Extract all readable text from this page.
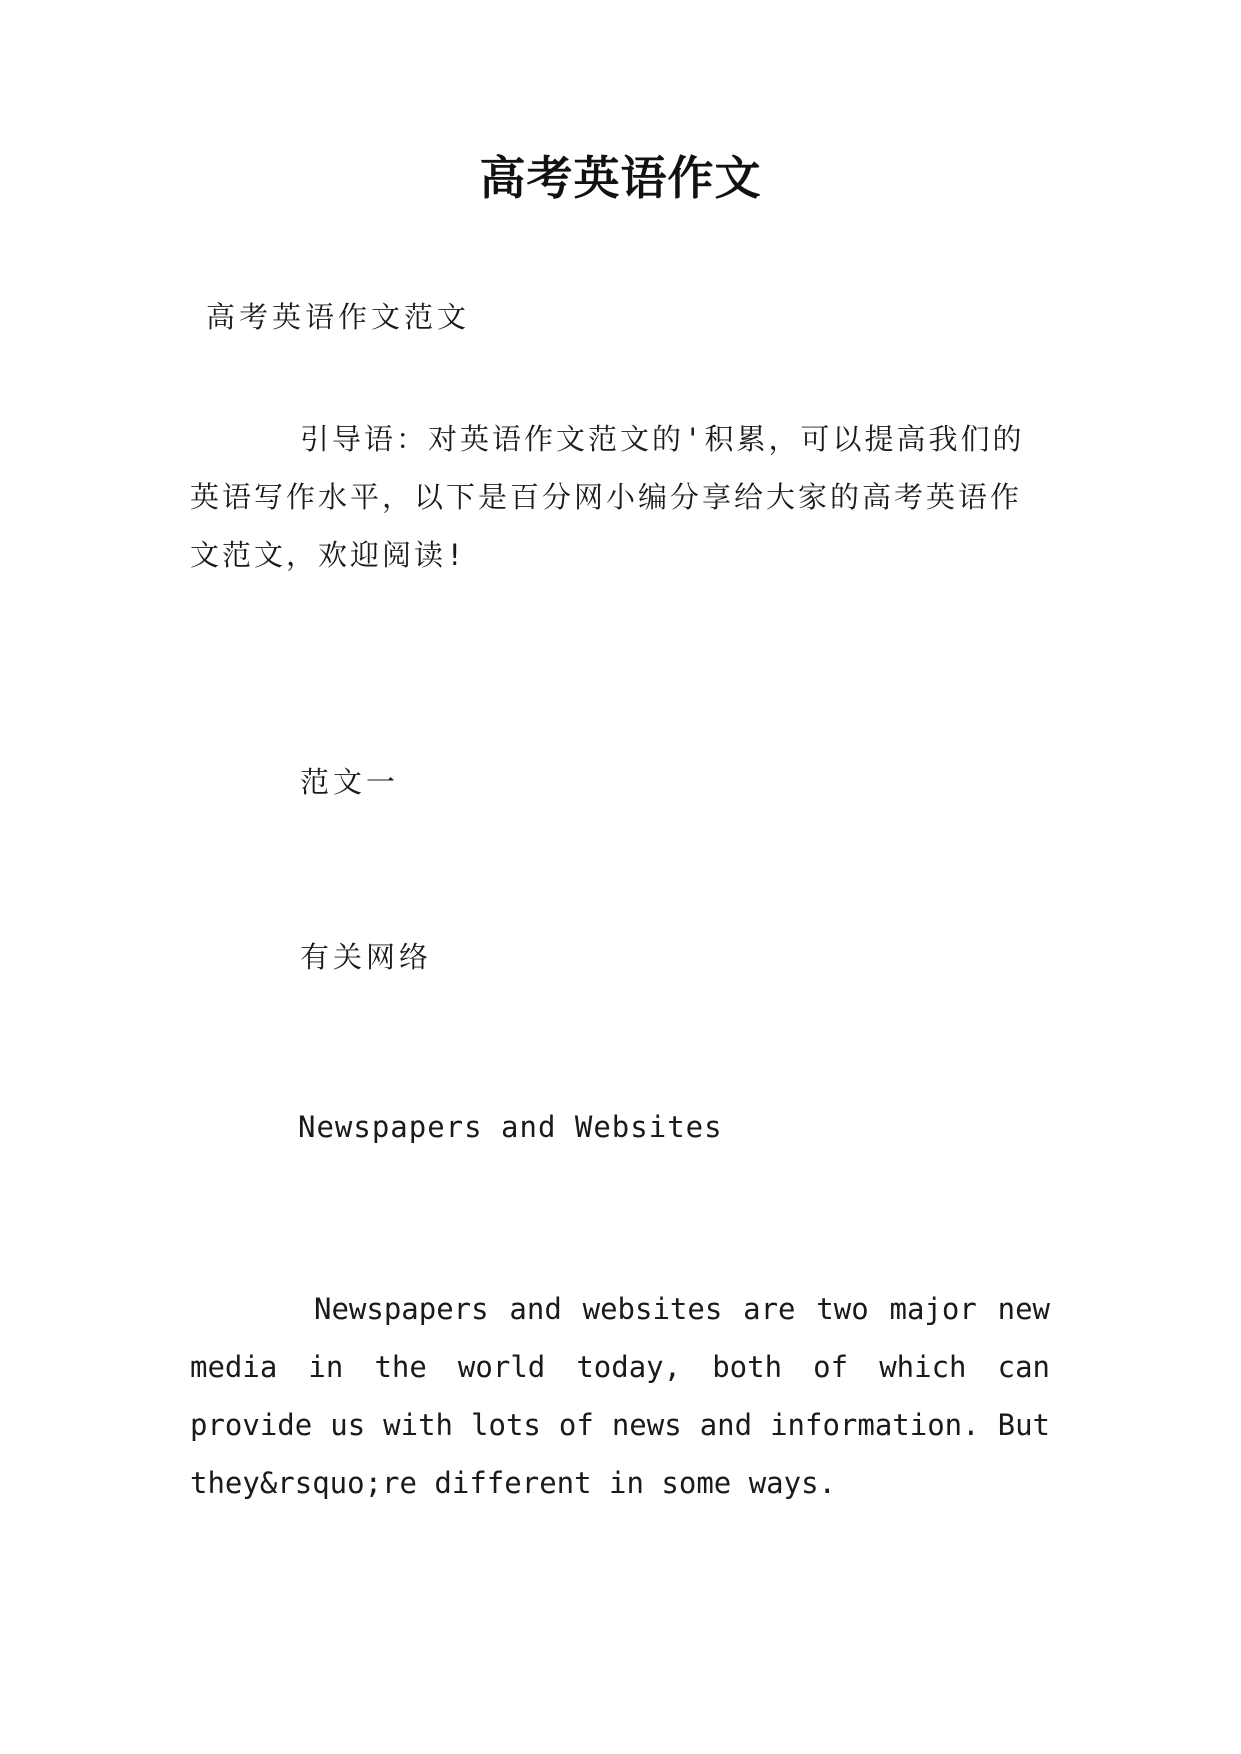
高考英语作文
高考英语作文范文
引导语：对英语作文范文的'积累，可以提高我们的英语写作水平，以下是百分网小编分享给大家的高考英语作文范文，欢迎阅读!
范文一
有关网络
Newspapers and Websites
Newspapers and websites are two major new media in the world today, both of which can provide us with lots of news and information. But they&rsquo;re different in some ways.
